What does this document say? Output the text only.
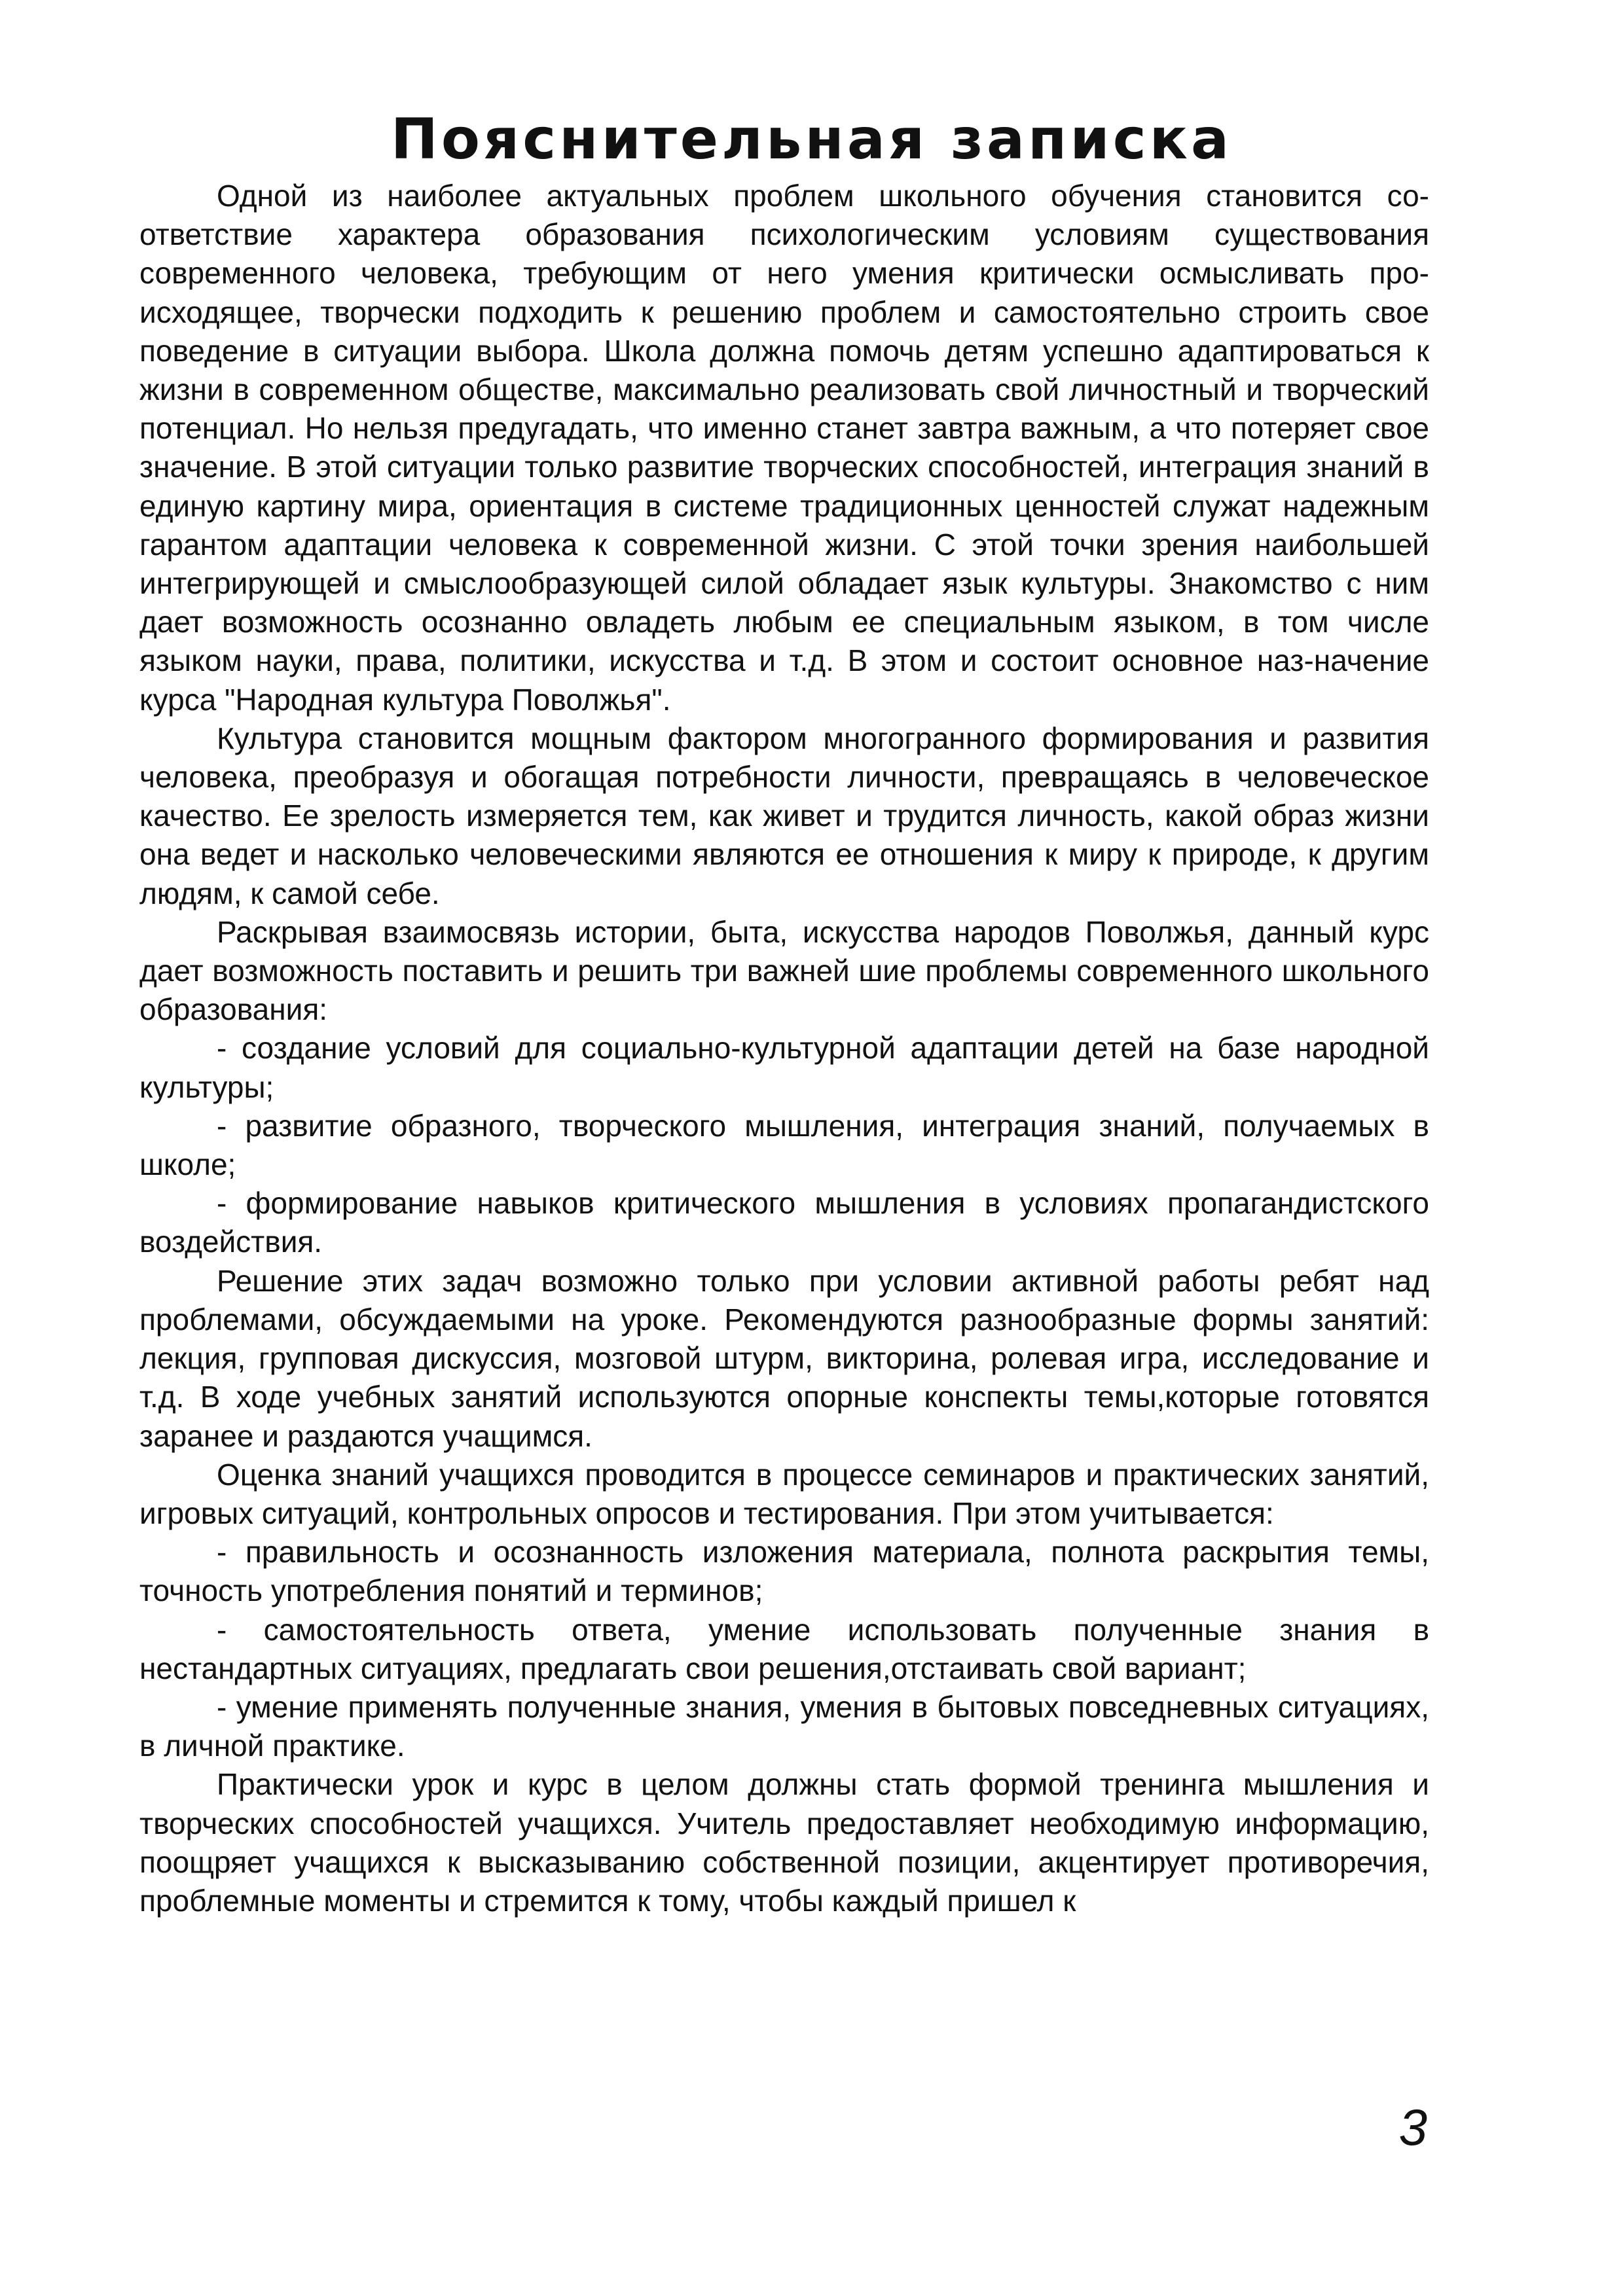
Пояснительная записка

Одной из наиболее актуальных проблем школьного обучения становится соответствие характера образования психологическим условиям существования современного человека, требующим от него умения критически осмысливать происходящее, творчески подходить к решению проблем и самостоятельно строить свое поведение в ситуации выбора. Школа должна помочь детям успешно адаптироваться к жизни в современном обществе, максимально реализовать свой личностный и творческий потенциал. Но нельзя предугадать, что именно станет завтра важным, а что потеряет свое значение. В этой ситуации только развитие творческих способностей, интеграция знаний в единую картину мира, ориентация в системе традиционных ценностей служат надежным гарантом адаптации человека к современной жизни. С этой точки зрения наибольшей интегрирующей и смыслообразующей силой обладает язык культуры. Знакомство с ним дает возможность осознанно овладеть любым ее специальным языком, в том числе языком науки, права, политики, искусства и т.д. В этом и состоит основное наз-начение курса "Народная культура Поволжья".

Культура становится мощным фактором многогранного формирования и развития человека, преобразуя и обогащая потребности личности, превращаясь в человеческое качество. Ее зрелость измеряется тем, как живет и трудится личность, какой образ жизни она ведет и насколько человеческими являются ее отношения к миру к природе, к другим людям, к самой себе.

Раскрывая взаимосвязь истории, быта, искусства народов Поволжья, данный курс дает возможность поставить и решить три важней шие проблемы современного школьного образования:

- создание условий для социально-культурной адаптации детей на базе народной культуры;

- развитие образного, творческого мышления, интеграция знаний, получаемых в школе;

- формирование навыков критического мышления в условиях пропагандистского воздействия.

Решение этих задач возможно только при условии активной работы ребят над проблемами, обсуждаемыми на уроке. Рекомендуются разнообразные формы занятий: лекция, групповая дискуссия, мозговой штурм, викторина, ролевая игра, исследование и т.д. В ходе учебных занятий используются опорные конспекты темы,которые готовятся заранее и раздаются учащимся.

Оценка знаний учащихся проводится в процессе семинаров и практических занятий, игровых ситуаций, контрольных опросов и тестирования. При этом учитывается:

- правильность и осознанность изложения материала, полнота раскрытия темы, точность употребления понятий и терминов;

- самостоятельность ответа, умение использовать полученные знания в нестандартных ситуациях, предлагать свои решения,отстаивать свой вариант;

- умение применять полученные знания, умения в бытовых повседневных ситуациях, в личной практике.

Практически урок и курс в целом должны стать формой тренинга мышления и творческих способностей учащихся. Учитель предоставляет необходимую информацию, поощряет учащихся к высказыванию собственной позиции, акцентирует противоречия, проблемные моменты и стремится к тому, чтобы каждый пришел к

3
